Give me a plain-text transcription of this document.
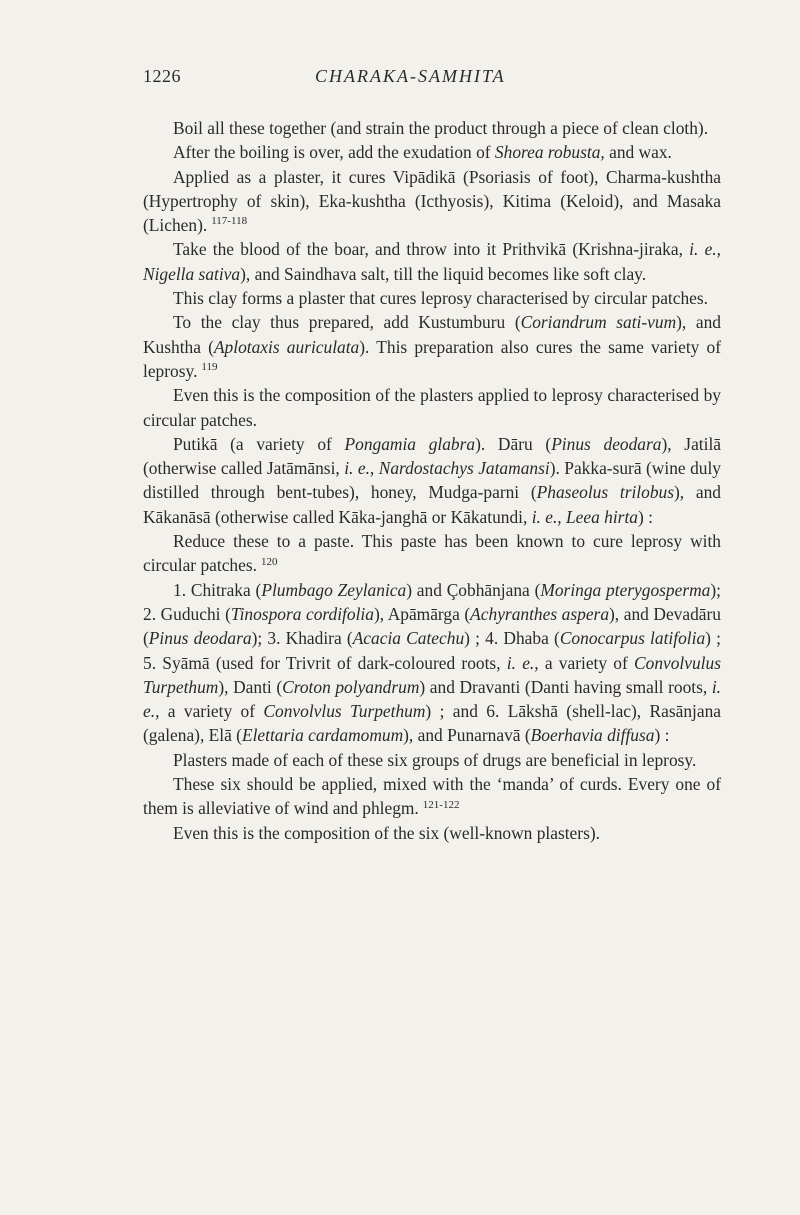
1226	CHARAKA-SAMHITA

Boil all these together (and strain the product through a piece of clean cloth).

After the boiling is over, add the exudation of Shorea robusta, and wax.

Applied as a plaster, it cures Vipādikā (Psoriasis of foot), Charma-kushtha (Hypertrophy of skin), Eka-kushtha (Icthyosis), Kitima (Keloid), and Masaka (Lichen). $^{117-118}$

Take the blood of the boar, and throw into it Prithvikā (Krishna-jiraka, i. e., Nigella sativa), and Saindhava salt, till the liquid becomes like soft clay.

This clay forms a plaster that cures leprosy characterised by circular patches.

To the clay thus prepared, add Kustumburu (Coriandrum sati-vum), and Kushtha (Aplotaxis auriculata). This preparation also cures the same variety of leprosy. $^{119}$

Even this is the composition of the plasters applied to leprosy characterised by circular patches.

Putikā (a variety of Pongamia glabra). Dāru (Pinus deodara), Jatilā (otherwise called Jatāmānsi, i. e., Nardostachys Jatamansi). Pakka-surā (wine duly distilled through bent-tubes), honey, Mudga-parni (Phaseolus trilobus), and Kākanāsā (otherwise called Kāka-janghā or Kākatundi, i. e., Leea hirta) :

Reduce these to a paste. This paste has been known to cure leprosy with circular patches. $^{120}$

1. Chitraka (Plumbago Zeylanica) and Çobhānjana (Moringa pterygosperma); 2. Guduchi (Tinospora cordifolia), Apāmārga (Achyranthes aspera), and Devadāru (Pinus deodara); 3. Khadira (Acacia Catechu) ; 4. Dhaba (Conocarpus latifolia) ; 5. Syāmā (used for Trivrit of dark-coloured roots, i. e., a variety of Convolvulus Turpethum), Danti (Croton polyandrum) and Dravanti (Danti having small roots, i. e., a variety of Convolvlus Turpethum) ; and 6. Lākshā (shell-lac), Rasānjana (galena), Elā (Elettaria cardamomum), and Punarnavā (Boerhavia diffusa) :

Plasters made of each of these six groups of drugs are beneficial in leprosy.

These six should be applied, mixed with the ‘manda’ of curds. Every one of them is alleviative of wind and phlegm. $^{121-122}$

Even this is the composition of the six (well-known plasters).
